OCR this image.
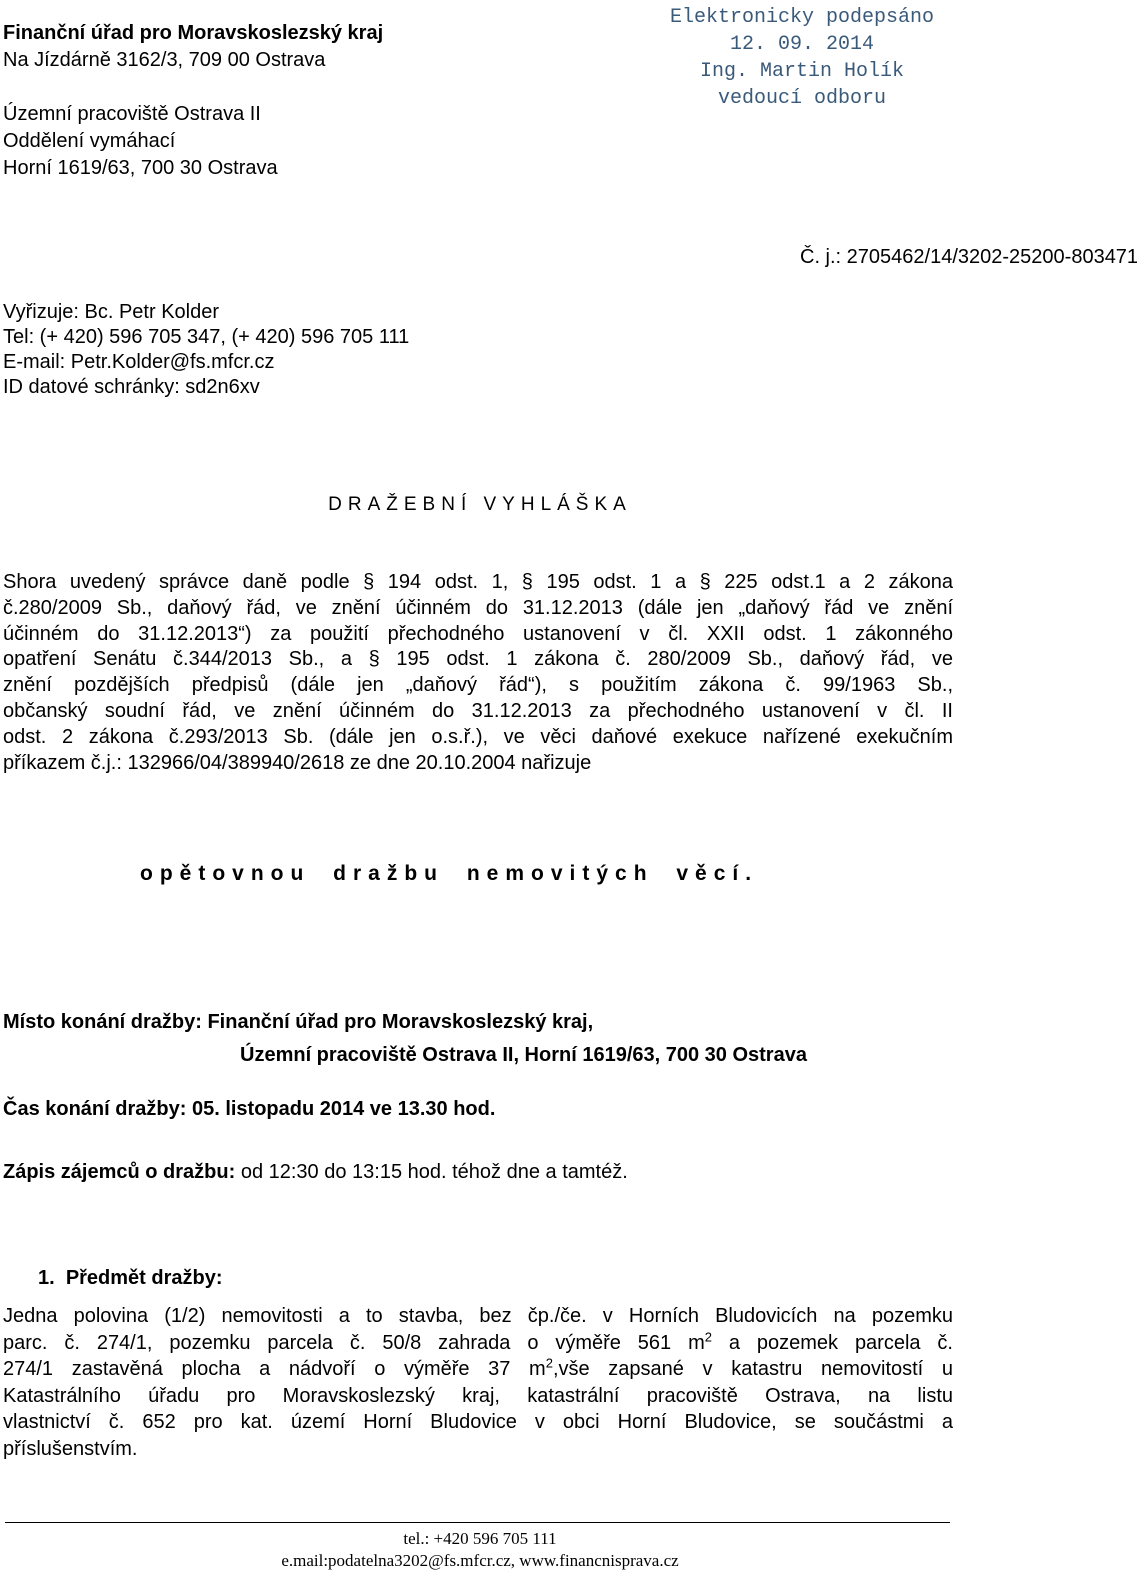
Finanční úřad pro Moravskoslezský kraj
Na Jízdárně 3162/3, 709 00 Ostrava
Územní pracoviště Ostrava II
Oddělení vymáhací
Horní 1619/63, 700 30 Ostrava
Elektronicky podepsáno
12. 09. 2014
Ing. Martin Holík
vedoucí odboru
Č. j.: 2705462/14/3202-25200-803471
Vyřizuje: Bc. Petr Kolder
Tel: (+ 420) 596 705 347, (+ 420) 596 705 111
E-mail: Petr.Kolder@fs.mfcr.cz
ID datové schránky: sd2n6xv
DRAŽEBNÍ VYHLÁŠKA
Shora uvedený správce daně podle § 194 odst. 1, § 195 odst. 1 a § 225 odst.1 a 2 zákona
č.280/2009 Sb., daňový řád, ve znění účinném do 31.12.2013 (dále jen „daňový řád ve znění
účinném do 31.12.2013“) za použití přechodného ustanovení v čl. XXII odst. 1 zákonného
opatření Senátu č.344/2013 Sb., a § 195 odst. 1 zákona č. 280/2009 Sb., daňový řád, ve
znění pozdějších předpisů (dále jen „daňový řád“), s použitím zákona č. 99/1963 Sb.,
občanský soudní řád, ve znění účinném do 31.12.2013 za přechodného ustanovení v čl. II
odst. 2 zákona č.293/2013 Sb. (dále jen o.s.ř.), ve věci daňové exekuce nařízené exekučním
příkazem č.j.: 132966/04/389940/2618 ze dne 20.10.2004 nařizuje
opětovnou dražbu nemovitých věcí.
Místo konání dražby: Finanční úřad pro Moravskoslezský kraj,
Územní pracoviště Ostrava II, Horní 1619/63, 700 30 Ostrava
Čas konání dražby: 05. listopadu 2014 ve 13.30 hod.
Zápis zájemců o dražbu: od 12:30 do 13:15 hod. téhož dne a tamtéž.
1. Předmět dražby:
Jedna polovina (1/2) nemovitosti a to stavba, bez čp./če. v Horních Bludovicích na pozemku
parc. č. 274/1, pozemku parcela č. 50/8 zahrada o výměře 561 $m^2$ a pozemek parcela č.
274/1 zastavěná plocha a nádvoří o výměře 37 $m^2,vše$ zapsané v katastru nemovitostí u
Katastrálního úřadu pro Moravskoslezský kraj, katastrální pracoviště Ostrava, na listu
vlastnictví č. 652 pro kat. území Horní Bludovice v obci Horní Bludovice, se součástmi a
příslušenstvím.
tel.: +420 596 705 111
e.mail:podatelna3202@fs.mfcr.cz, www.financnisprava.cz
